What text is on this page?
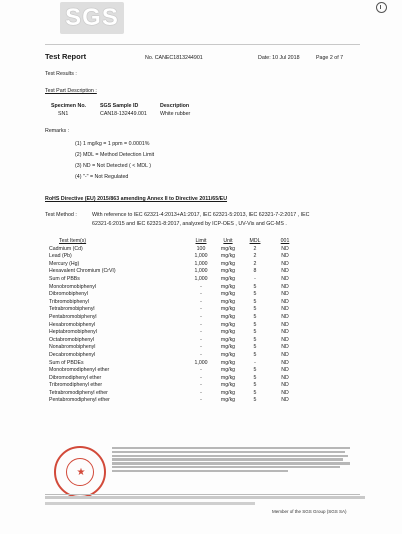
SGS
Test Report	No. CANEC1813244901	Date: 10 Jul 2018	Page 2 of 7
Test Results :
Test Part Description :
Specimen No.	SGS Sample ID	Description
SN1	CAN18-132449.001 White rubber
Remarks :
(1) 1 mg/kg = 1 ppm = 0.0001%
(2) MDL = Method Detection Limit
(3) ND = Not Detected ( < MDL )
(4) "-" = Not Regulated
RoHS Directive (EU) 2015/863 amending Annex II to Directive 2011/65/EU
Test Method :	With reference to IEC 62321-4:2013+A1:2017, IEC 62321-5:2013, IEC 62321-7-2:2017 , IEC
62321-6:2015 and IEC 62321-8:2017, analyzed by ICP-OES , UV-Vis and GC-MS .
Test Item(s)	Limit	Unit	MDL	001
Cadmium (Cd)	100	mg/kg	2	ND
Lead (Pb)	1,000	mg/kg	2	ND
Mercury (Hg)	1,000	mg/kg	2	ND
Hexavalent Chromium (CrVI)	1,000	mg/kg	8	ND
Sum of PBBs	1,000	mg/kg	-	ND
Monobromobiphenyl	-	mg/kg	5	ND
Dibromobiphenyl	-	mg/kg	5	ND
Tribromobiphenyl	-	mg/kg	5	ND
Tetrabromobiphenyl	-	mg/kg	5	ND
Pentabromobiphenyl	-	mg/kg	5	ND
Hexabromobiphenyl	-	mg/kg	5	ND
Heptabromobiphenyl	-	mg/kg	5	ND
Octabromobiphenyl	-	mg/kg	5	ND
Nonabromobiphenyl	-	mg/kg	5	ND
Decabromobiphenyl	-	mg/kg	5	ND
Sum of PBDEs	1,000	mg/kg	-	ND
Monobromodiphenyl ether	-	mg/kg	5	ND
Dibromodiphenyl ether	-	mg/kg	5	ND
Tribromodiphenyl ether	-	mg/kg	5	ND
Tetrabromodiphenyl ether	-	mg/kg	5	ND
Pentabromodiphenyl ether	-	mg/kg	5	ND
★
Member of the SGS Group (SGS SA)
